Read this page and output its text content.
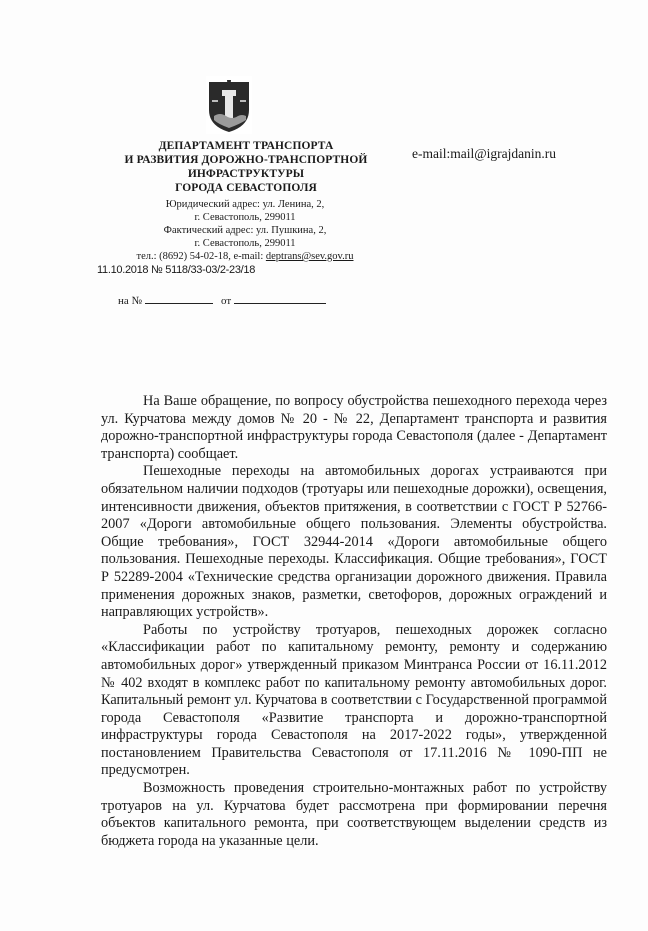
ДЕПАРТАМЕНТ ТРАНСПОРТА
И РАЗВИТИЯ ДОРОЖНО-ТРАНСПОРТНОЙ
ИНФРАСТРУКТУРЫ
ГОРОДА СЕВАСТОПОЛЯ
Юридический адрес: ул. Ленина, 2,
г. Севастополь, 299011
Фактический адрес: ул. Пушкина, 2,
г. Севастополь, 299011
тел.: (8692) 54-02-18, e-mail: deptrans@sev.gov.ru
e-mail:mail@igrajdanin.ru
11.10.2018 № 5118/33-03/2-23/18
на №	от

На Ваше обращение, по вопросу обустройства пешеходного перехода через ул. Курчатова между домов № 20 - № 22, Департамент транспорта и развития дорожно-транспортной инфраструктуры города Севастополя (далее - Департамент транспорта) сообщает.

Пешеходные переходы на автомобильных дорогах устраиваются при обязательном наличии подходов (тротуары или пешеходные дорожки), освещения, интенсивности движения, объектов притяжения, в соответствии с ГОСТ Р 52766-2007 «Дороги автомобильные общего пользования. Элементы обустройства. Общие требования», ГОСТ 32944-2014 «Дороги автомобильные общего пользования. Пешеходные переходы. Классификация. Общие требования», ГОСТ Р 52289-2004 «Технические средства организации дорожного движения. Правила применения дорожных знаков, разметки, светофоров, дорожных ограждений и направляющих устройств».

Работы по устройству тротуаров, пешеходных дорожек согласно «Классификации работ по капитальному ремонту, ремонту и содержанию автомобильных дорог» утвержденный приказом Минтранса России от 16.11.2012 № 402 входят в комплекс работ по капитальному ремонту автомобильных дорог. Капитальный ремонт ул. Курчатова в соответствии с Государственной программой города Севастополя «Развитие транспорта и дорожно-транспортной инфраструктуры города Севастополя на 2017-2022 годы», утвержденной постановлением Правительства Севастополя от 17.11.2016 № 1090-ПП не предусмотрен.

Возможность проведения строительно-монтажных работ по устройству тротуаров на ул. Курчатова будет рассмотрена при формировании перечня объектов капитального ремонта, при соответствующем выделении средств из бюджета города на указанные цели.
